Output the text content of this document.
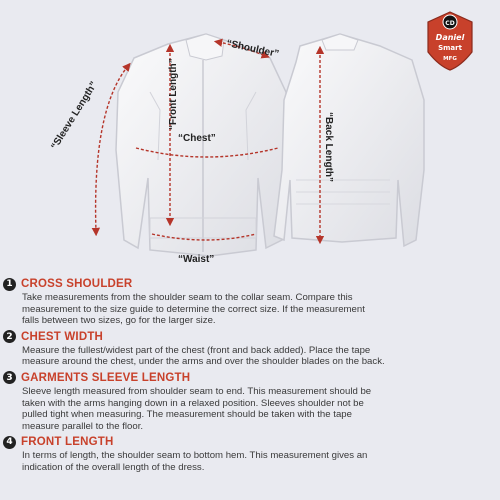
“Shoulder”
“Front Length”
“Sleeve Length”	“Chest”
“Waist”
“Back Length”
CD
Daniel
Smart
MFG
1 CROSS SHOULDER
Take measurements from the shoulder seam to the collar seam. Compare this
measurement to the size guide to determine the correct size. If the measurement
falls between two sizes, go for the larger size.
2 CHEST WIDTH
Measure the fullest/widest part of the chest (front and back added). Place the tape
measure around the chest, under the arms and over the shoulder blades on the back.
3 GARMENTS SLEEVE LENGTH
Sleeve length measured from shoulder seam to end. This measurement should be
taken with the arms hanging down in a relaxed position. Sleeves shoulder not be
pulled tight when measuring. The measurement should be taken with the tape
measure parallel to the floor.
4 FRONT LENGTH
In terms of length, the shoulder seam to bottom hem. This measurement gives an
indication of the overall length of the dress.
